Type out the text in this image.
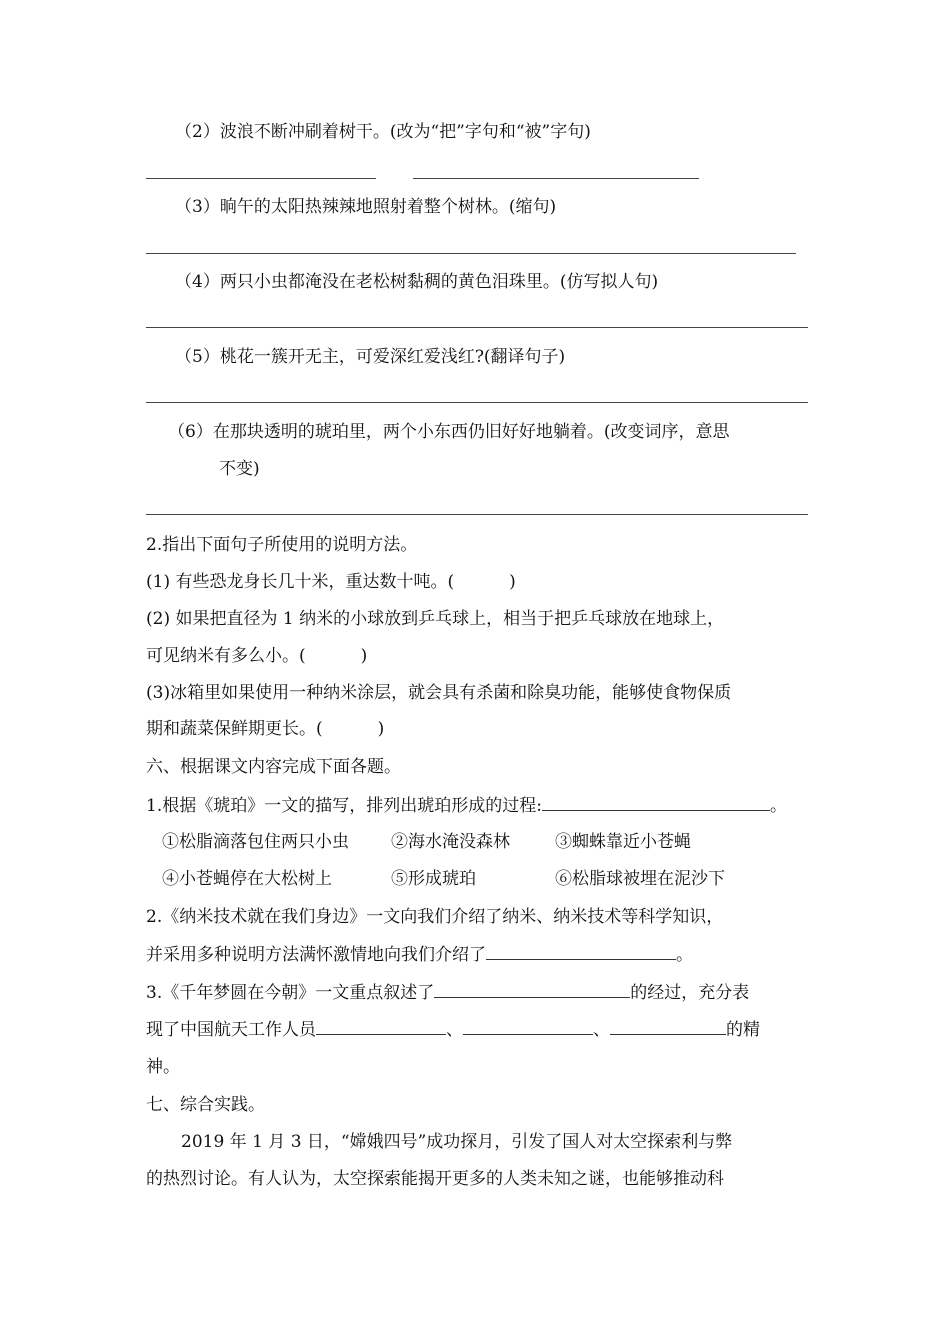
（2）波浪不断冲刷着树干。(改为“把”字句和“被”字句)
（3）晌午的太阳热辣辣地照射着整个树林。(缩句)
（4）两只小虫都淹没在老松树黏稠的黄色泪珠里。(仿写拟人句)
（5）桃花一簇开无主，可爱深红爱浅红?(翻译句子)
（6）在那块透明的琥珀里，两个小东西仍旧好好地躺着。(改变词序，意思
不变)
2.指出下面句子所使用的说明方法。
(1) 有些恐龙身长几十米，重达数十吨。(	)
(2) 如果把直径为 1 纳米的小球放到乒乓球上，相当于把乒乓球放在地球上，
可见纳米有多么小。(	)
(3)冰箱里如果使用一种纳米涂层，就会具有杀菌和除臭功能，能够使食物保质
期和蔬菜保鲜期更长。(	)
六、根据课文内容完成下面各题。
1.根据《琥珀》一文的描写，排列出琥珀形成的过程:	。
①松脂滴落包住两只小虫 ②海水淹没森林	③蜘蛛靠近小苍蝇
④小苍蝇停在大松树上	⑤形成琥珀	⑥松脂球被埋在泥沙下
2.《纳米技术就在我们身边》一文向我们介绍了纳米、纳米技术等科学知识，
并采用多种说明方法满怀激情地向我们介绍了	。
3.《千年梦圆在今朝》一文重点叙述了	的经过，充分表
现了中国航天工作人员	、	、	的精
神。
七、综合实践。
2019 年 1 月 3 日，“嫦娥四号”成功探月，引发了国人对太空探索利与弊
的热烈讨论。有人认为，太空探索能揭开更多的人类未知之谜，也能够推动科
